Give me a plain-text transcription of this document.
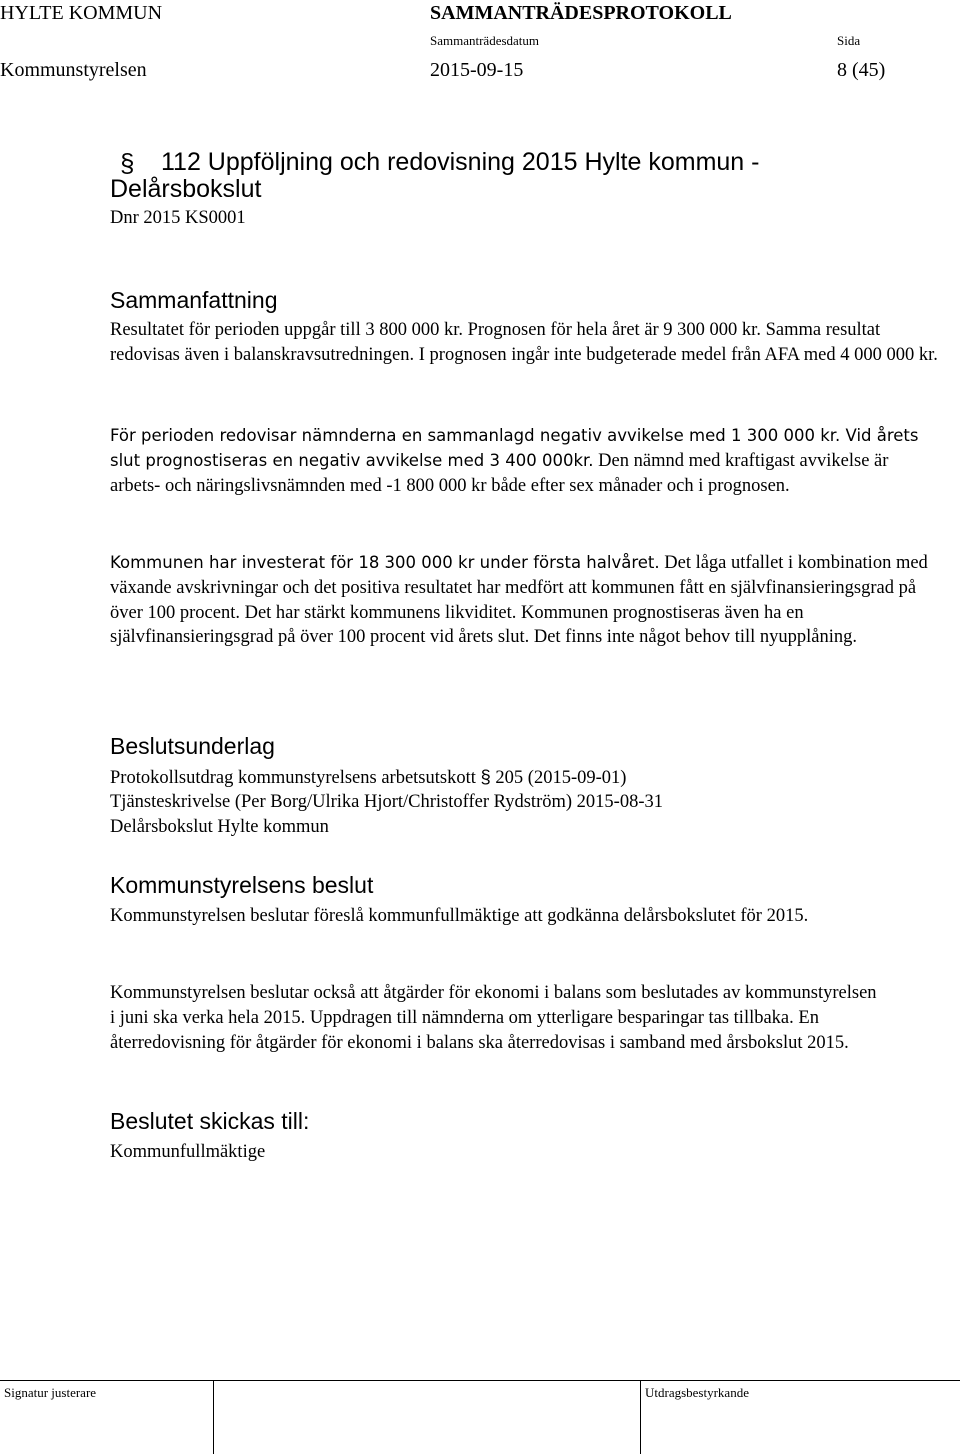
HYLTE KOMMUN	SAMMANTRÄDESPROTOKOLL
Sammanträdesdatum	Sida
Kommunstyrelsen	2015-09-15	8 (45)
§ 112 Uppföljning och redovisning 2015 Hylte kommun -
Delårsbokslut
Dnr 2015 KS0001
Sammanfattning

Resultatet för perioden uppgår till 3 800 000 kr. Prognosen för hela året är 9 300 000 kr. Samma resultat redovisas även i balanskravsutredningen. I prognosen ingår inte budgeterade medel från AFA med 4 000 000 kr.

För perioden redovisar nämnderna en sammanlagd negativ avvikelse med 1 300 000 kr. Vid årets slut prognostiseras en negativ avvikelse med 3 400 000kr. Den nämnd med kraftigast avvikelse är arbets- och näringslivsnämnden med -1 800 000 kr både efter sex månader och i prognosen.

Kommunen har investerat för 18 300 000 kr under första halvåret. Det låga utfallet i kombination med växande avskrivningar och det positiva resultatet har medfört att kommunen fått en självfinansieringsgrad på över 100 procent. Det har stärkt kommunens likviditet. Kommunen prognostiseras även ha en självfinansieringsgrad på över 100 procent vid årets slut. Det finns inte något behov till nyupplåning.

Beslutsunderlag
Protokollsutdrag kommunstyrelsens arbetsutskott § 205 (2015-09-01)
Tjänsteskrivelse (Per Borg/Ulrika Hjort/Christoffer Rydström) 2015-08-31
Delårsbokslut Hylte kommun
Kommunstyrelsens beslut

Kommunstyrelsen beslutar föreslå kommunfullmäktige att godkänna delårsbokslutet för 2015.

Kommunstyrelsen beslutar också att åtgärder för ekonomi i balans som beslutades av kommunstyrelsen i juni ska verka hela 2015. Uppdragen till nämnderna om ytterligare besparingar tas tillbaka. En återredovisning för åtgärder för ekonomi i balans ska återredovisas i samband med årsbokslut 2015.

Beslutet skickas till:
Kommunfullmäktige
Signatur justerare	Utdragsbestyrkande
